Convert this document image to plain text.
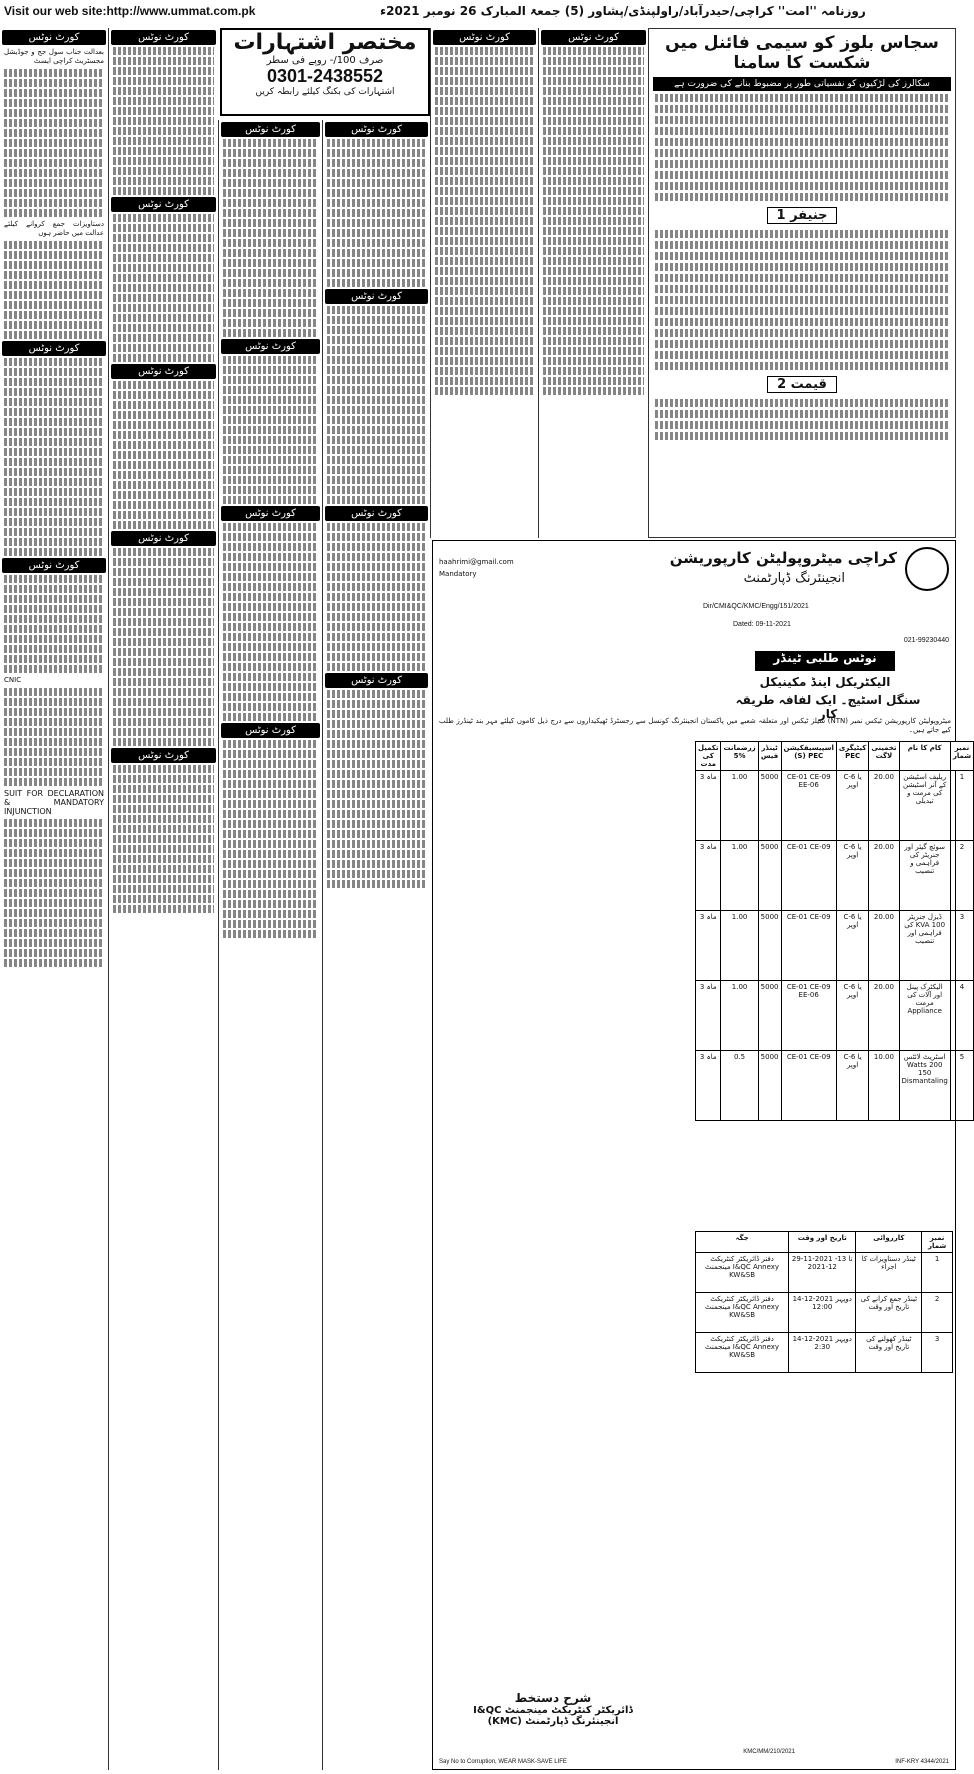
Visit our web site:http://www.ummat.com.pk	روزنامہ ''امت'' کراچی/حیدرآباد/راولپنڈی/پشاور (5) جمعۃ المبارک 26 نومبر 2021ء
کورٹ نوٹس

بعدالت جناب سول جج و جوڈیشل مجسٹریٹ کراچی ایسٹ

دستاویزات جمع کروانے کیلئے عدالت میں حاضر ہوں

کورٹ نوٹس
کورٹ نوٹس

CNIC

SUIT FOR DECLARATION & MANDATORY INJUNCTION

کورٹ نوٹس
کورٹ نوٹس
کورٹ نوٹس
کورٹ نوٹس
کورٹ نوٹس
مختصر اشتہارات
صرف 100/- روپے فی سطر
0301-2438552
اشتہارات کی بکنگ کیلئے رابطہ کریں
کورٹ نوٹس
کورٹ نوٹس
کورٹ نوٹس
کورٹ نوٹس
کورٹ نوٹس
کورٹ نوٹس
کورٹ نوٹس
کورٹ نوٹس
کورٹ نوٹس	کورٹ نوٹس	سجاس بلوز کو سیمی فائنل میں شکست کا سامنا
سکالرز کی لڑکیوں کو نفسیاتی طور پر مضبوط بنانے کی ضرورت ہے
جنیفر 1
قیمت 2
کراچی میٹروپولیٹن کارپوریشن
انجینئرنگ ڈپارٹمنٹ
Dir/CMI&QC/KMC/Engg/151/2021
Dated: 09-11-2021
021-99230440
نوٹس طلبی ٹینڈر
الیکٹریکل اینڈ مکینیکل
سنگل اسٹیج۔ ایک لفافہ طریقہ کار
میٹروپولیٹن کارپوریشن ٹیکس نمبر (NTN) سیلز ٹیکس اور متعلقہ شعبے میں پاکستان انجینئرنگ کونسل سے رجسٹرڈ ٹھیکیداروں سے درج ذیل کاموں کیلئے مہر بند ٹینڈرز طلب کیے جاتے ہیں۔

haahrimi@gmail.com

Mandatory

تکمیل کی مدت	زرضمانت 5%	ٹینڈر فیس	اسپیسیفکیشن (S) PEC	کیٹیگری PEC	تخمینی لاگت	کام کا نام	نمبر شمار
3 ماہ	1.00	5000	CE-01 CE-09 EE-06	C-6 یا اوپر	20.00	ریلیف اسٹیشن کے آنر اسٹیشن کی مرمت و تبدیلی	1
3 ماہ	1.00	5000	CE-01 CE-09	C-6 یا اوپر	20.00	سوئچ گیئر اور جنریٹر کی فراہمی و تنصیب	2
3 ماہ	1.00	5000	CE-01 CE-09	C-6 یا اوپر	20.00	ڈیزل جنریٹر 100 KVA کی فراہمی اور تنصیب	3
3 ماہ	1.00	5000	CE-01 CE-09 EE-06	C-6 یا اوپر	20.00	الیکٹرک پینل اور آلات کی مرمت Appliance	4
3 ماہ	0.5	5000	CE-01 CE-09	C-6 یا اوپر	10.00	اسٹریٹ لائٹس 200 Watts 150 Dismantaling	5
جگہ	تاریخ اور وقت	کارروائی	نمبر شمار
دفتر ڈائریکٹر کنٹریکٹ مینجمنٹ I&QC Annexy KW&SB	29-11-2021 تا 13-12-2021	ٹینڈر دستاویزات کا اجراء	1
دفتر ڈائریکٹر کنٹریکٹ مینجمنٹ I&QC Annexy KW&SB	14-12-2021 دوپہر 12:00	ٹینڈر جمع کرانے کی تاریخ اور وقت	2
دفتر ڈائریکٹر کنٹریکٹ مینجمنٹ I&QC Annexy KW&SB	14-12-2021 دوپہر 2:30	ٹینڈر کھولنے کی تاریخ اور وقت	3
شرح دستخط
ڈائریکٹر کنٹریکٹ مینجمنٹ I&QC
انجینئرنگ ڈپارٹمنٹ (KMC)
Say No to Corruption, WEAR MASK-SAVE LIFE
KMC/MM/210/2021
INF-KRY 4344/2021
